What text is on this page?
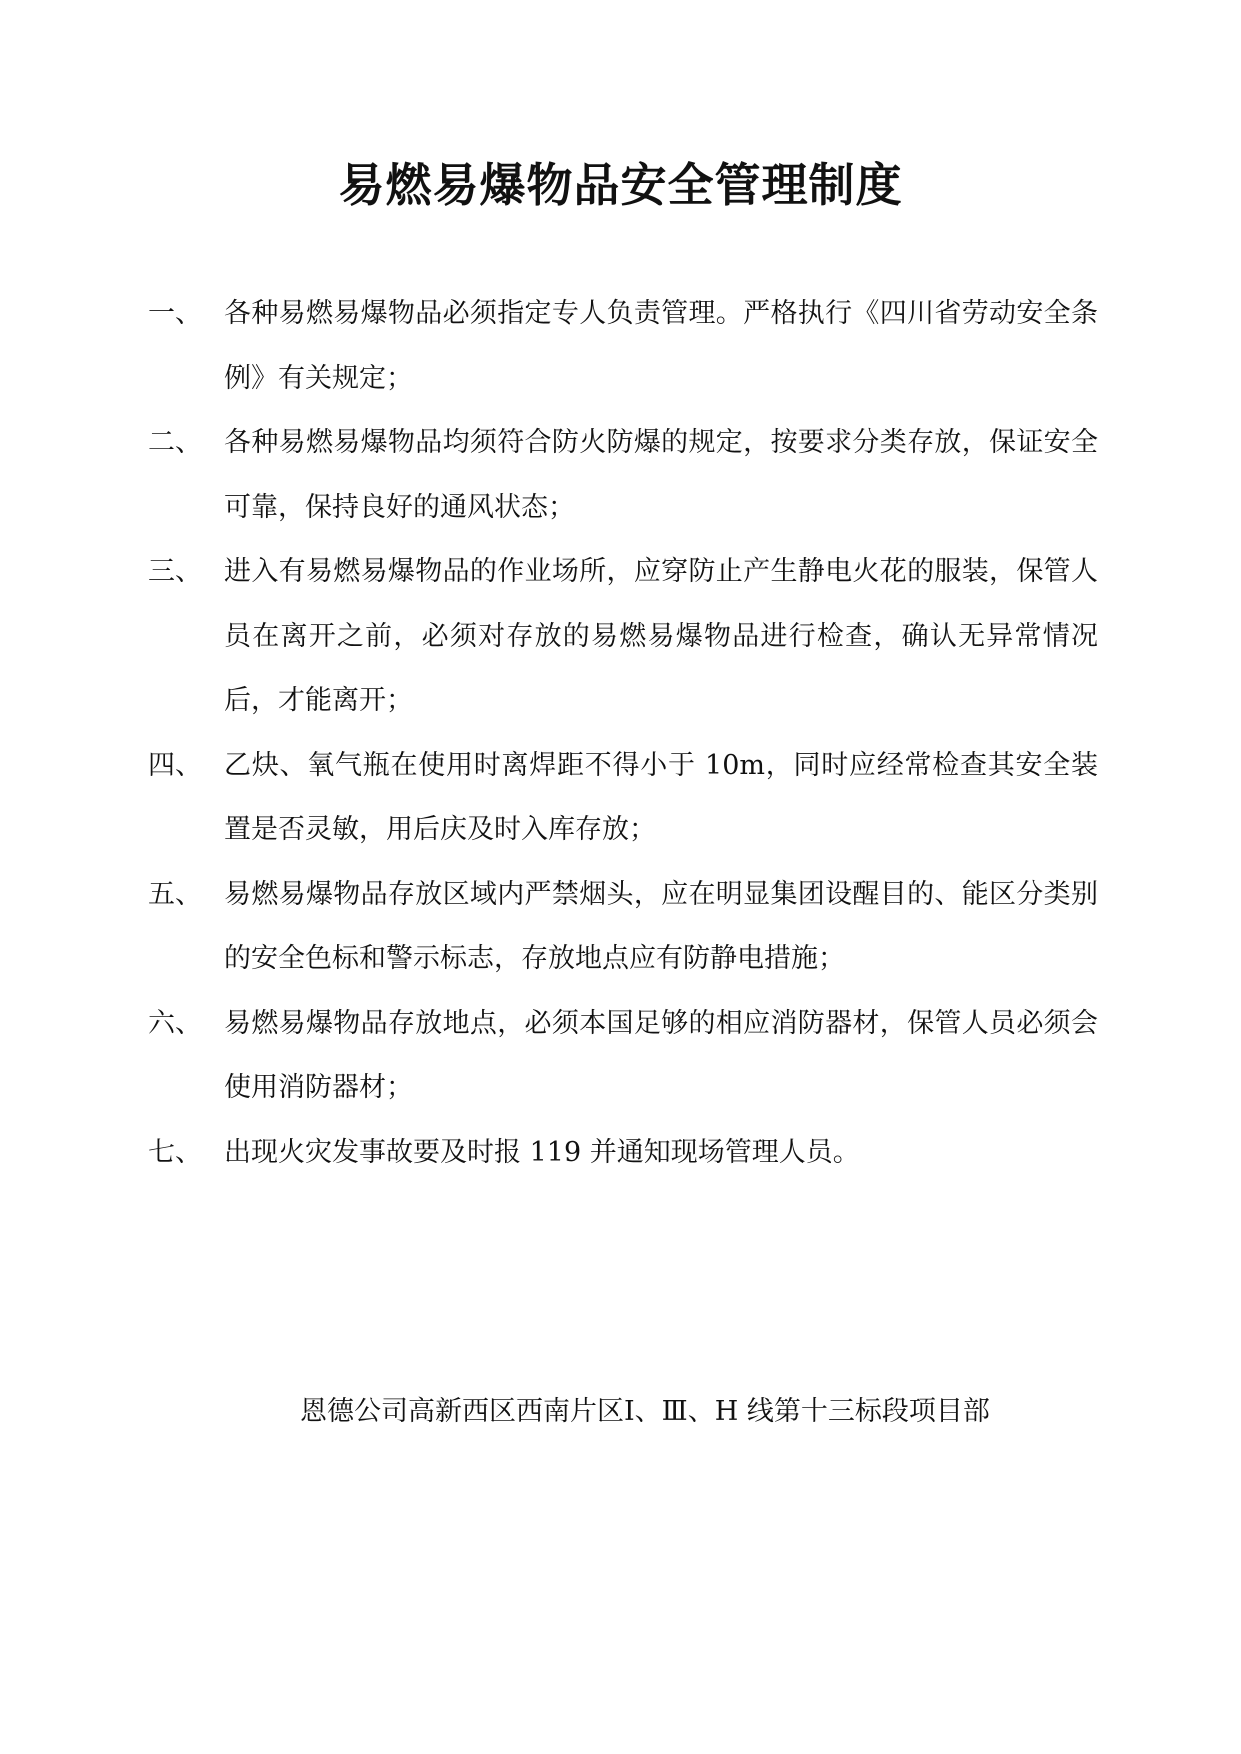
易燃易爆物品安全管理制度
一、 各种易燃易爆物品必须指定专人负责管理。严格执行《四川省劳动安全条例》有关规定；
二、 各种易燃易爆物品均须符合防火防爆的规定，按要求分类存放，保证安全可靠，保持良好的通风状态；
三、 进入有易燃易爆物品的作业场所，应穿防止产生静电火花的服装，保管人员在离开之前，必须对存放的易燃易爆物品进行检查，确认无异常情况后，才能离开；
四、 乙炔、氧气瓶在使用时离焊距不得小于 10m，同时应经常检查其安全装置是否灵敏，用后庆及时入库存放；
五、 易燃易爆物品存放区域内严禁烟头，应在明显集团设醒目的、能区分类别的安全色标和警示标志，存放地点应有防静电措施；
六、 易燃易爆物品存放地点，必须本国足够的相应消防器材，保管人员必须会使用消防器材；
七、 出现火灾发事故要及时报 119 并通知现场管理人员。
恩德公司高新西区西南片区Ⅰ、Ⅲ、H 线第十三标段项目部
